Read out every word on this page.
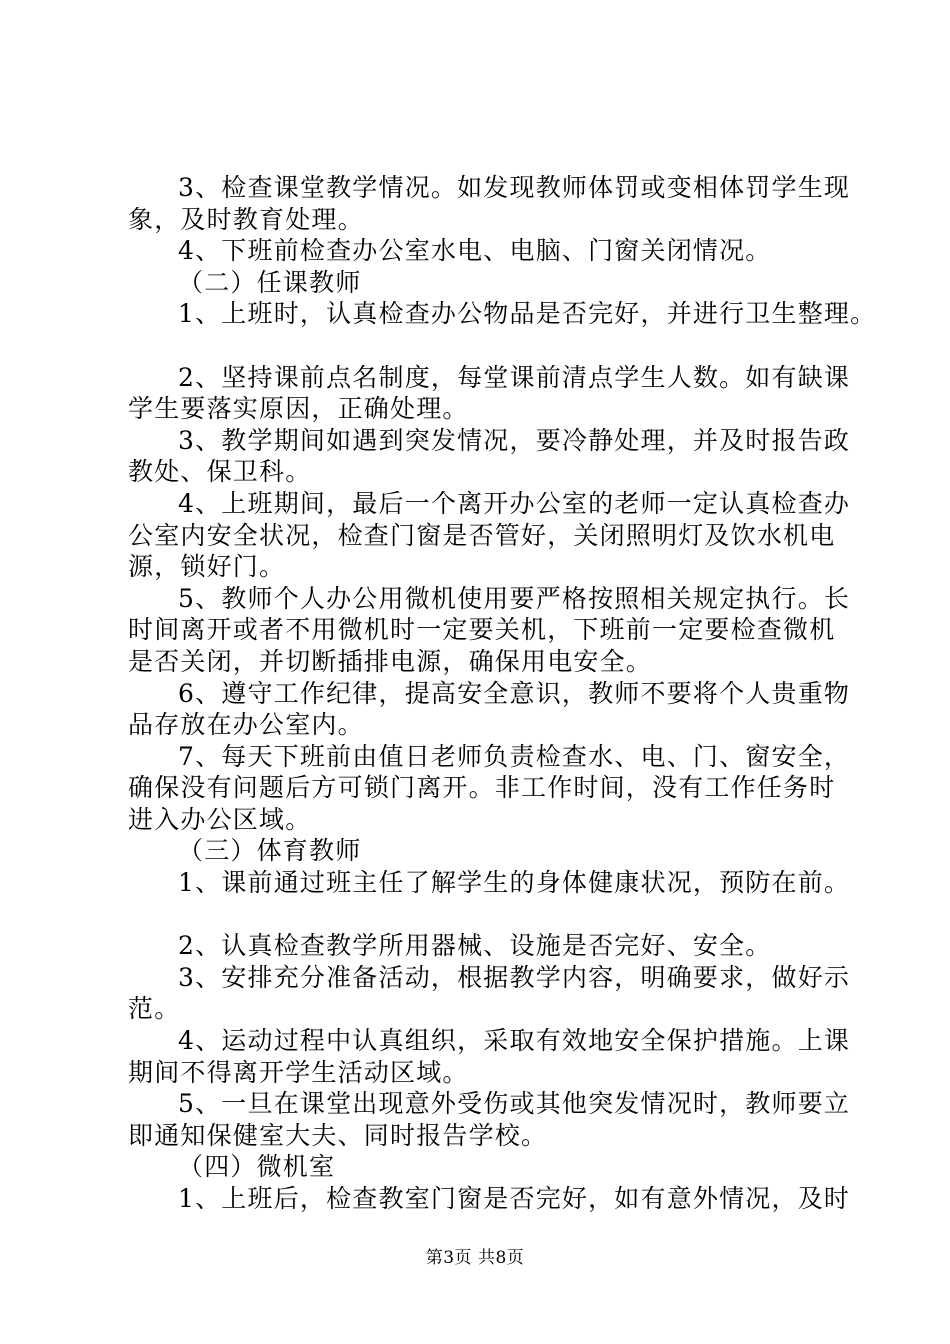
3、检查课堂教学情况。如发现教师体罚或变相体罚学生现
象，及时教育处理。
4、下班前检查办公室水电、电脑、门窗关闭情况。
（二）任课教师
1、上班时，认真检查办公物品是否完好，并进行卫生整理。
2、坚持课前点名制度，每堂课前清点学生人数。如有缺课
学生要落实原因，正确处理。
3、教学期间如遇到突发情况，要冷静处理，并及时报告政
教处、保卫科。
4、上班期间，最后一个离开办公室的老师一定认真检查办
公室内安全状况，检查门窗是否管好，关闭照明灯及饮水机电
源，锁好门。
5、教师个人办公用微机使用要严格按照相关规定执行。长
时间离开或者不用微机时一定要关机，下班前一定要检查微机
是否关闭，并切断插排电源，确保用电安全。
6、遵守工作纪律，提高安全意识，教师不要将个人贵重物
品存放在办公室内。
7、每天下班前由值日老师负责检查水、电、门、窗安全，
确保没有问题后方可锁门离开。非工作时间，没有工作任务时
进入办公区域。
（三）体育教师
1、课前通过班主任了解学生的身体健康状况，预防在前。
2、认真检查教学所用器械、设施是否完好、安全。
3、安排充分准备活动，根据教学内容，明确要求，做好示
范。
4、运动过程中认真组织，采取有效地安全保护措施。上课
期间不得离开学生活动区域。
5、一旦在课堂出现意外受伤或其他突发情况时，教师要立
即通知保健室大夫、同时报告学校。
（四）微机室
1、上班后，检查教室门窗是否完好，如有意外情况，及时
第3页 共8页
